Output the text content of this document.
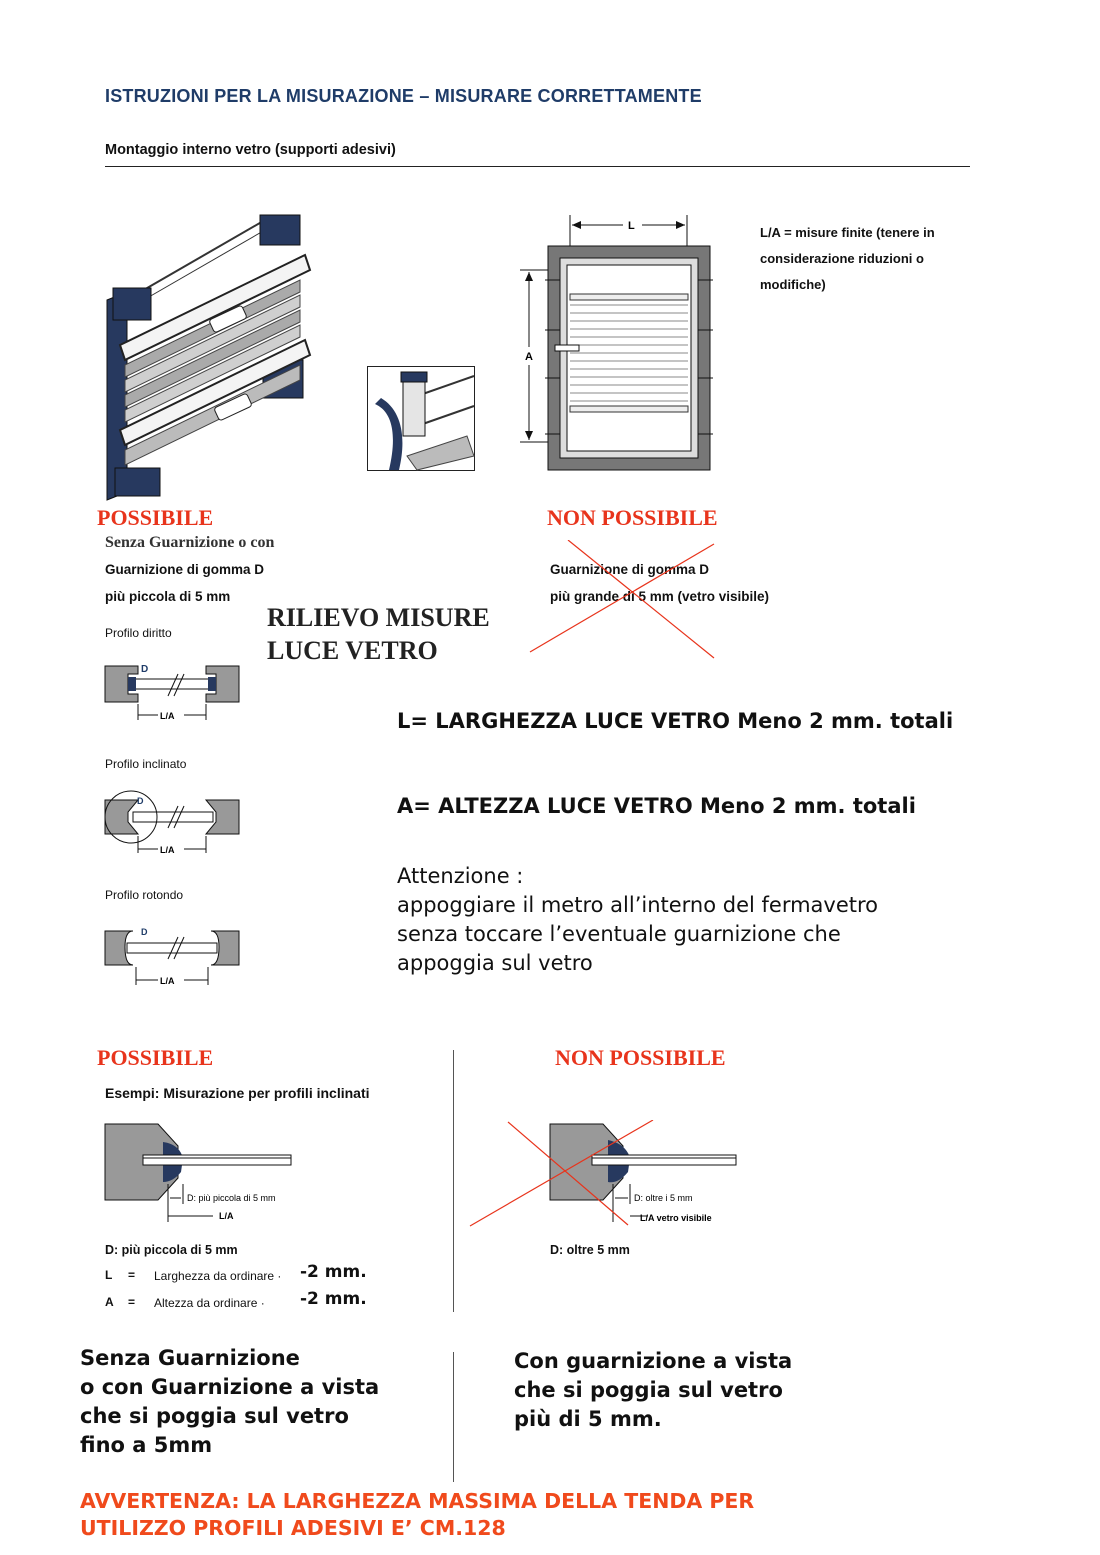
ISTRUZIONI PER LA MISURAZIONE – MISURARE CORRETTAMENTE
Montaggio interno vetro (supporti adesivi)
L
A
L/A = misure finite (tenere in
considerazione riduzioni o
modifiche)
POSSIBILE	NON POSSIBILE
Senza Guarnizione o con
Guarnizione di gomma D
più piccola di 5 mm
Guarnizione di gomma D
più grande di 5 mm (vetro visibile)
RILIEVO MISURE
LUCE VETRO
Profilo diritto
D
L/A
Profilo inclinato
D
L/A
Profilo rotondo
D
L/A
L= LARGHEZZA LUCE VETRO Meno 2 mm. totali
A= ALTEZZA LUCE VETRO Meno 2 mm. totali
Attenzione :
appoggiare il metro all’interno del fermavetro
senza toccare l’eventuale guarnizione che
appoggia sul vetro
POSSIBILE	NON POSSIBILE
Esempi: Misurazione per profili inclinati
D: più piccola di 5 mm
L/A
D: oltre i 5 mm
L/A vetro visibile
D: più piccola di 5 mm	D: oltre 5 mm
L = Larghezza da ordinare · -2 mm.
A = Altezza da ordinare · -2 mm.
Senza Guarnizione
o con Guarnizione a vista
che si poggia sul vetro
fino a 5mm
Con guarnizione a vista
che si poggia sul vetro
più di 5 mm.
AVVERTENZA: LA LARGHEZZA MASSIMA DELLA TENDA PER
UTILIZZO PROFILI ADESIVI E’ CM.128
